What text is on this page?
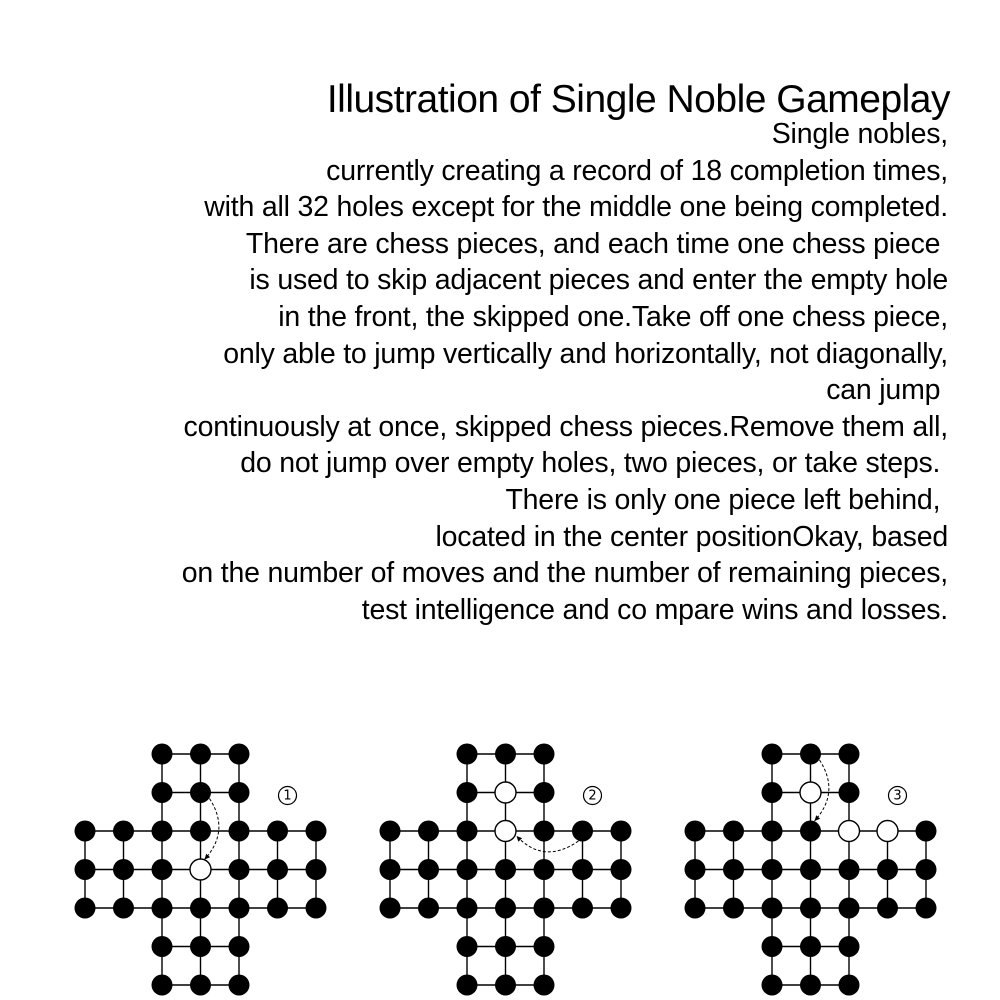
Illustration of Single Noble Gameplay
Single nobles,
currently creating a record of 18 completion times,
with all 32 holes except for the middle one being completed.
There are chess pieces, and each time one chess piece
is used to skip adjacent pieces and enter the empty hole
in the front, the skipped one.Take off one chess piece,
only able to jump vertically and horizontally, not diagonally,
can jump
continuously at once, skipped chess pieces.Remove them all,
do not jump over empty holes, two pieces, or take steps.
There is only one piece left behind,
located in the center positionOkay, based
on the number of moves and the number of remaining pieces,
test intelligence and co mpare wins and losses.
1	2	3
